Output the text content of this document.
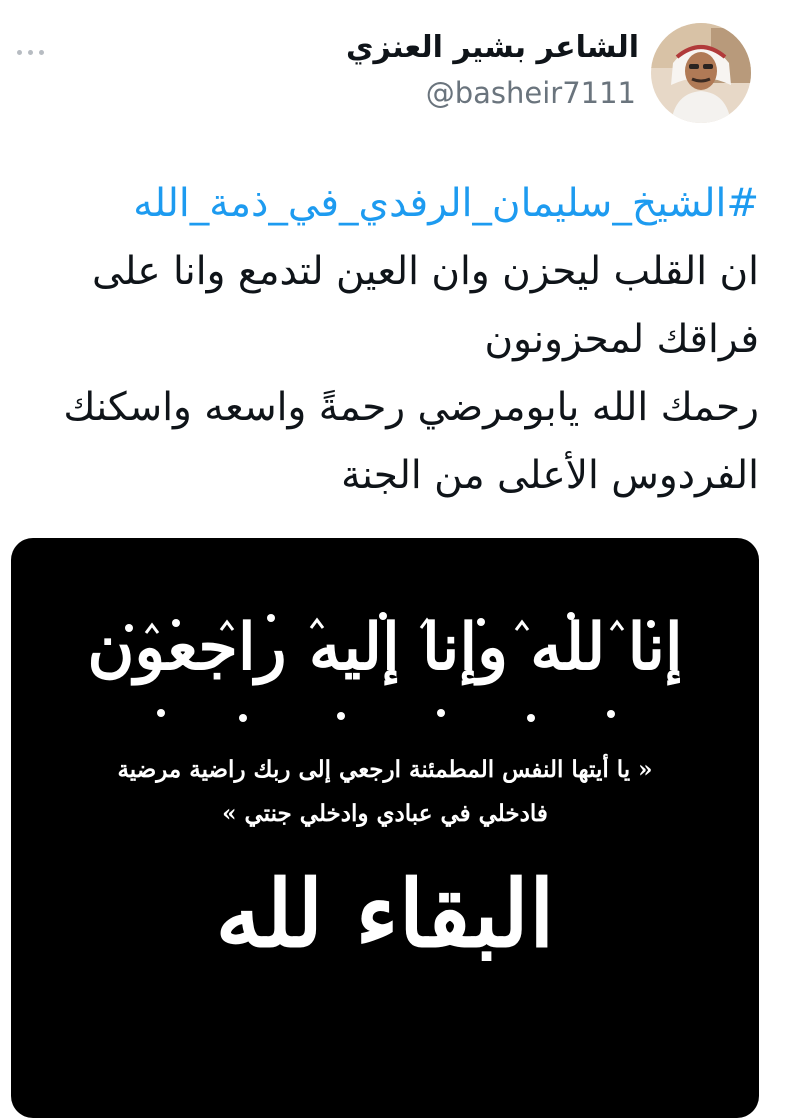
الشاعر بشير العنزي
@basheir7111
#الشيخ_سليمان_الرفدي_في_ذمة_الله
ان القلب ليحزن وان العين لتدمع وانا على
فراقك لمحزونون
رحمك الله يابومرضي رحمةً واسعه واسكنك
الفردوس الأعلى من الجنة
إنا لله وإنا إليه راجعون
« يا أيتها النفس المطمئنة ارجعي إلى ربك راضية مرضية
فادخلي في عبادي وادخلي جنتي »
البقاء لله
